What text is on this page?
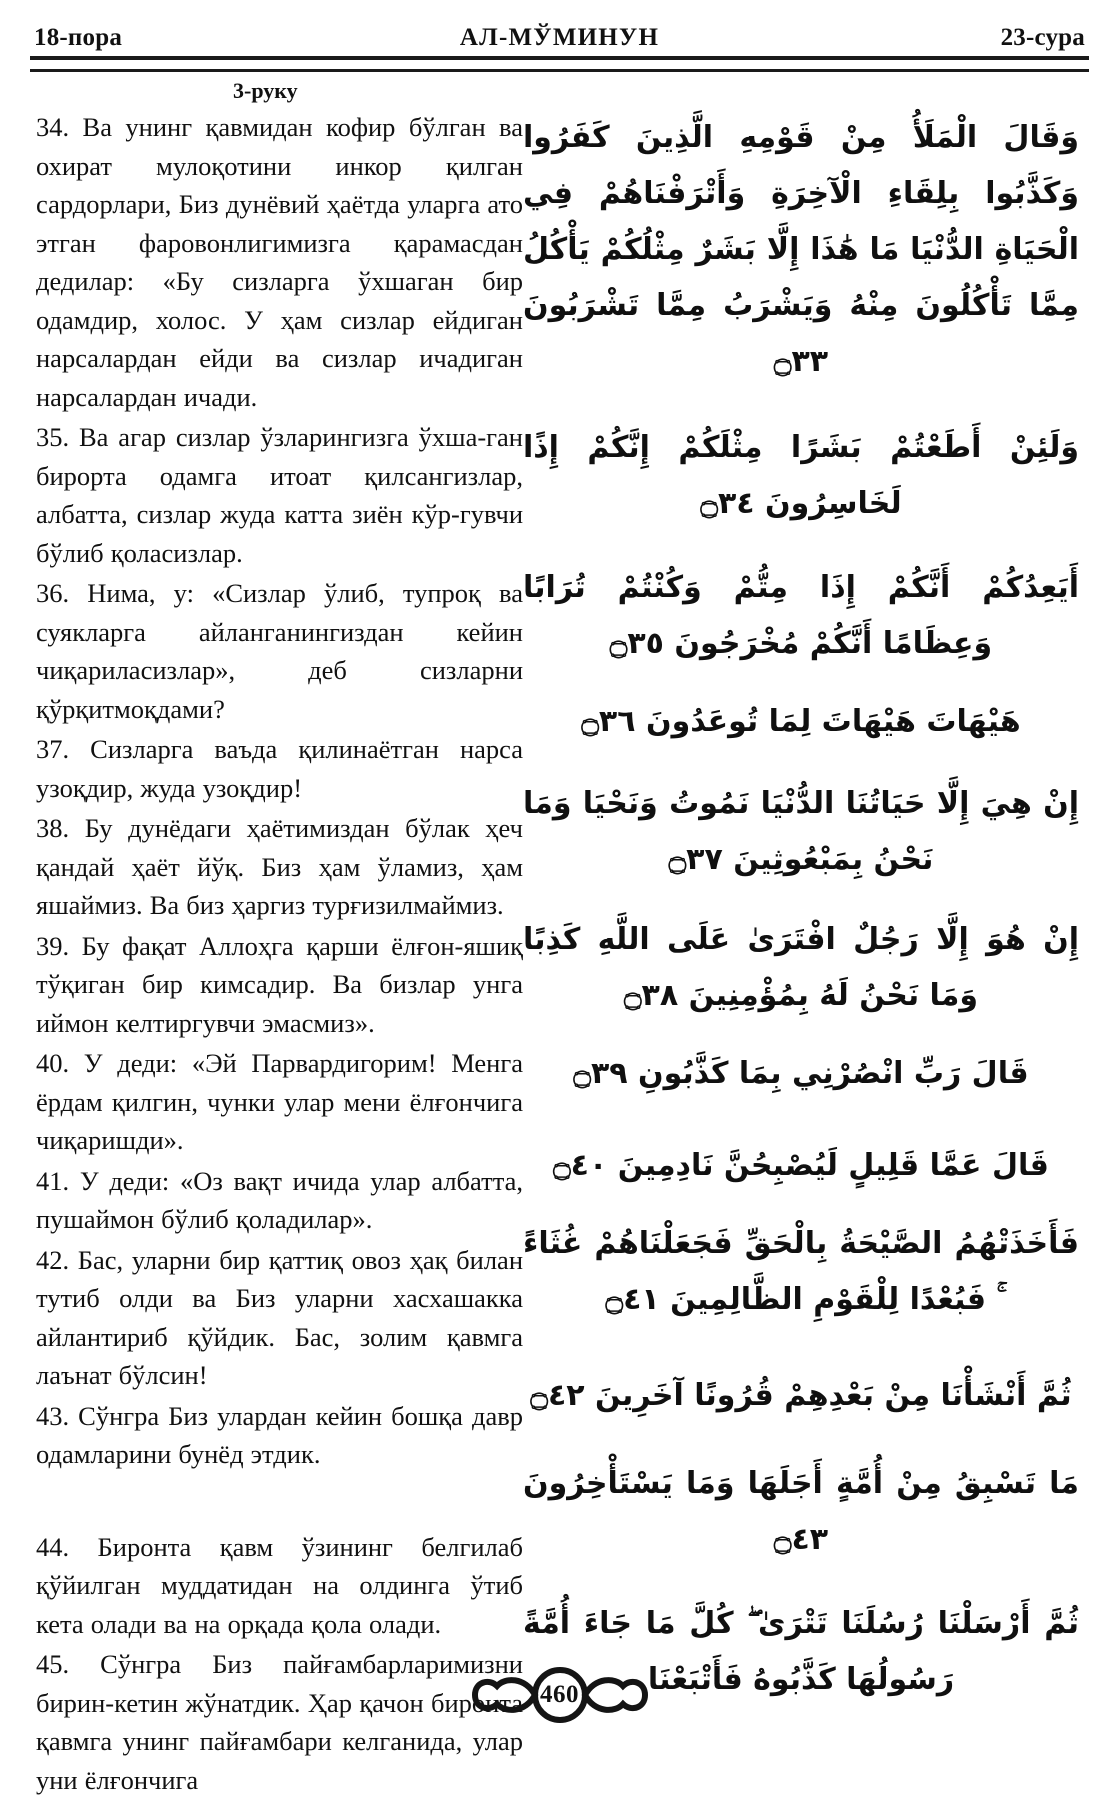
18-пора	АЛ-МЎМИНУН	23-сура
3-руку

34. Ва унинг қавмидан кофир бўлган ва охират мулоқотини инкор қилган сардорлари, Биз дунёвий ҳаётда уларга ато этган фаровонлигимизга қарамасдан дедилар: «Бу сизларга ўхшаган бир одамдир, холос. У ҳам сизлар ейдиган нарсалардан ейди ва сизлар ичадиган нарсалардан ичади.

35. Ва агар сизлар ўзларингизга ўхша-ган бирорта одамга итоат қилсангизлар, албатта, сизлар жуда катта зиён кўр-гувчи бўлиб қоласизлар.

36. Нима, у: «Сизлар ўлиб, тупроқ ва суякларга айланганингиздан кейин чиқариласизлар», деб сизларни қўрқитмоқдами?

37. Сизларга ваъда қилинаётган нарса узоқдир, жуда узоқдир!

38. Бу дунёдаги ҳаётимиздан бўлак ҳеч қандай ҳаёт йўқ. Биз ҳам ўламиз, ҳам яшаймиз. Ва биз ҳаргиз турғизилмаймиз.

39. Бу фақат Аллоҳга қарши ёлғон-яшиқ тўқиган бир кимсадир. Ва бизлар унга иймон келтиргувчи эмасмиз».

40. У деди: «Эй Парвардигорим! Менга ёрдам қилгин, чунки улар мени ёлғончига чиқаришди».

41. У деди: «Оз вақт ичида улар албатта, пушаймон бўлиб қоладилар».

42. Бас, уларни бир қаттиқ овоз ҳақ билан тутиб олди ва Биз уларни хасхашакка айлантириб қўйдик. Бас, золим қавмга лаънат бўлсин!

43. Сўнгра Биз улардан кейин бошқа давр одамларини бунёд этдик.

44. Биронта қавм ўзининг белгилаб қўйилган муддатидан на олдинга ўтиб кета олади ва на орқада қола олади.

45. Сўнгра Биз пайғамбарларимизни бирин-кетин жўнатдик. Ҳар қачон биронта қавмга унинг пайғамбари келганида, улар уни ёлғончига

وَقَالَ الْمَلَأُ مِنْ قَوْمِهِ الَّذِينَ كَفَرُوا وَكَذَّبُوا بِلِقَاءِ الْآخِرَةِ وَأَتْرَفْنَاهُمْ فِي الْحَيَاةِ الدُّنْيَا مَا هَٰذَا إِلَّا بَشَرٌ مِثْلُكُمْ يَأْكُلُ مِمَّا تَأْكُلُونَ مِنْهُ وَيَشْرَبُ مِمَّا تَشْرَبُونَ ۝٣٣

وَلَئِنْ أَطَعْتُمْ بَشَرًا مِثْلَكُمْ إِنَّكُمْ إِذًا لَخَاسِرُونَ ۝٣٤

أَيَعِدُكُمْ أَنَّكُمْ إِذَا مِتُّمْ وَكُنْتُمْ تُرَابًا وَعِظَامًا أَنَّكُمْ مُخْرَجُونَ ۝٣٥

هَيْهَاتَ هَيْهَاتَ لِمَا تُوعَدُونَ ۝٣٦

إِنْ هِيَ إِلَّا حَيَاتُنَا الدُّنْيَا نَمُوتُ وَنَحْيَا وَمَا نَحْنُ بِمَبْعُوثِينَ ۝٣٧

إِنْ هُوَ إِلَّا رَجُلٌ افْتَرَىٰ عَلَى اللَّهِ كَذِبًا وَمَا نَحْنُ لَهُ بِمُؤْمِنِينَ ۝٣٨

قَالَ رَبِّ انْصُرْنِي بِمَا كَذَّبُونِ ۝٣٩

قَالَ عَمَّا قَلِيلٍ لَيُصْبِحُنَّ نَادِمِينَ ۝٤٠

فَأَخَذَتْهُمُ الصَّيْحَةُ بِالْحَقِّ فَجَعَلْنَاهُمْ غُثَاءً ۚ فَبُعْدًا لِلْقَوْمِ الظَّالِمِينَ ۝٤١

ثُمَّ أَنْشَأْنَا مِنْ بَعْدِهِمْ قُرُونًا آخَرِينَ ۝٤٢

مَا تَسْبِقُ مِنْ أُمَّةٍ أَجَلَهَا وَمَا يَسْتَأْخِرُونَ ۝٤٣

ثُمَّ أَرْسَلْنَا رُسُلَنَا تَتْرَىٰ ۖ كُلَّ مَا جَاءَ أُمَّةً رَسُولُهَا كَذَّبُوهُ فَأَتْبَعْنَا

460
